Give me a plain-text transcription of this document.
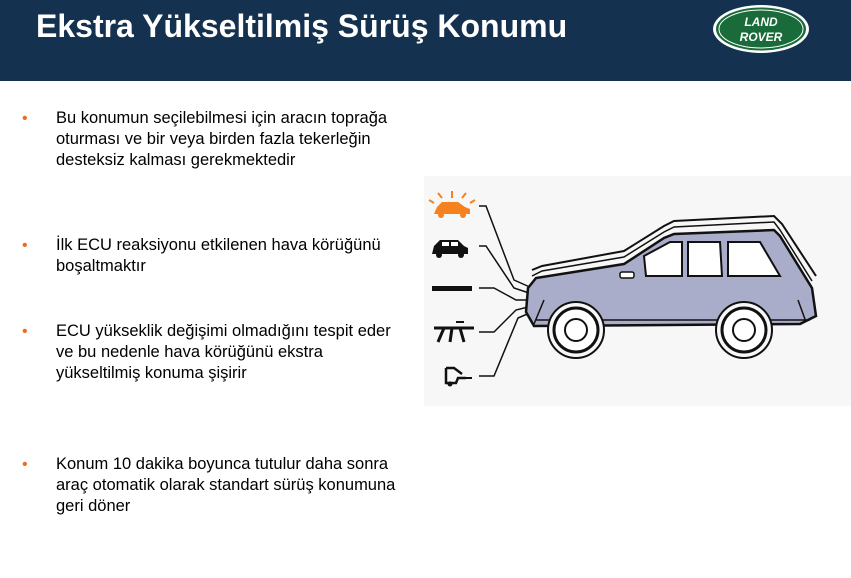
Ekstra Yükseltilmiş Sürüş Konumu	LAND
ROVER
• Bu konumun seçilebilmesi için aracın toprağa oturması ve bir veya birden fazla tekerleğin desteksiz kalması gerekmektedir
• İlk ECU reaksiyonu etkilenen hava körüğünü boşaltmaktır
• ECU yükseklik değişimi olmadığını tespit eder ve bu nedenle hava körüğünü ekstra yükseltilmiş konuma şişirir
• Konum 10 dakika boyunca tutulur daha sonra araç otomatik olarak standart sürüş konumuna geri döner
